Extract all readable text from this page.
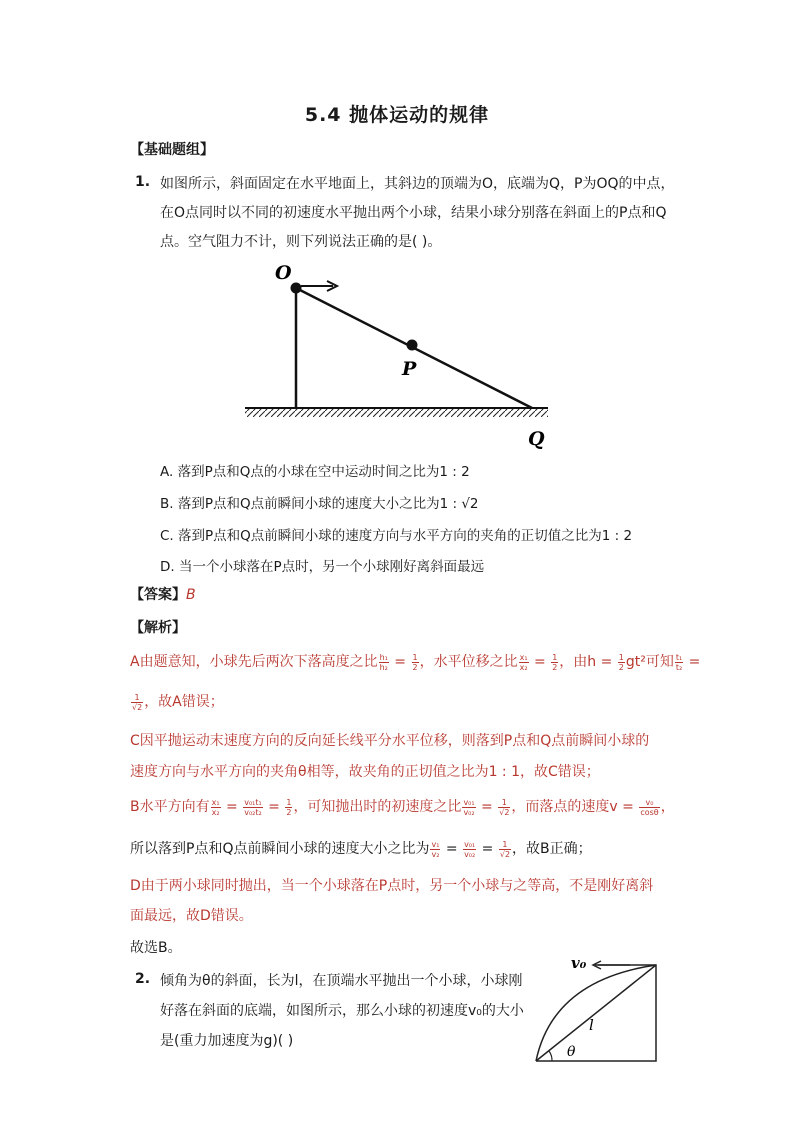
5.4 抛体运动的规律
【基础题组】
1. 如图所示，斜面固定在水平地面上，其斜边的顶端为O，底端为Q，P为OQ的中点，
在O点同时以不同的初速度水平抛出两个小球，结果小球分别落在斜面上的P点和Q
点。空气阻力不计，则下列说法正确的是( )。
O
P
Q
A. 落到P点和Q点的小球在空中运动时间之比为1 : 2
B. 落到P点和Q点前瞬间小球的速度大小之比为1 : √2
C. 落到P点和Q点前瞬间小球的速度方向与水平方向的夹角的正切值之比为1 : 2
D. 当一个小球落在P点时，另一个小球刚好离斜面最远
【答案】B
【解析】
A由题意知，小球先后两次下落高度之比 $\frac{\text{h₁}}{\text{h₂}} = \frac{1}{2}$ ，水平位移之比 $\frac{\text{x₁}}{\text{x₂}} = \frac{1}{2}$ ，由$h = \frac{1}{2} gt^2$可知 $\frac{\text{t₁}}{\text{t₂}}$ =
$\frac{1}{√2}$ ，故A错误；
C因平抛运动末速度方向的反向延长线平分水平位移，则落到P点和Q点前瞬间小球的
速度方向与水平方向的夹角θ相等，故夹角的正切值之比为1 : 1，故C错误；
B水平方向有 $\frac{\text{x₁}}{\text{x₂}} = \frac{\text{v₀₁t₁}}{\text{v₀₂t₂}} = \frac{1}{2}$ ，可知抛出时的初速度之比 $\frac{\text{v₀₁}}{\text{v₀₂}} = \frac{1}{√2}$ ，而落点的速度$v = \frac{\text{v₀}}{\cos\theta}$ ，
所以落到P点和Q点前瞬间小球的速度大小之比为 $\frac{\text{v₁}}{\text{v₂}} = \frac{\text{v₀₁}}{\text{v₀₂}} = \frac{1}{√2}$ ，故B正确；
D由于两小球同时抛出，当一个小球落在P点时，另一个小球与之等高，不是刚好离斜
面最远，故D错误。
故选B。
2. 倾角为θ的斜面，长为l，在顶端水平抛出一个小球，小球刚
好落在斜面的底端，如图所示，那么小球的初速度v₀的大小
是(重力加速度为g)( )
v₀
l
θ
